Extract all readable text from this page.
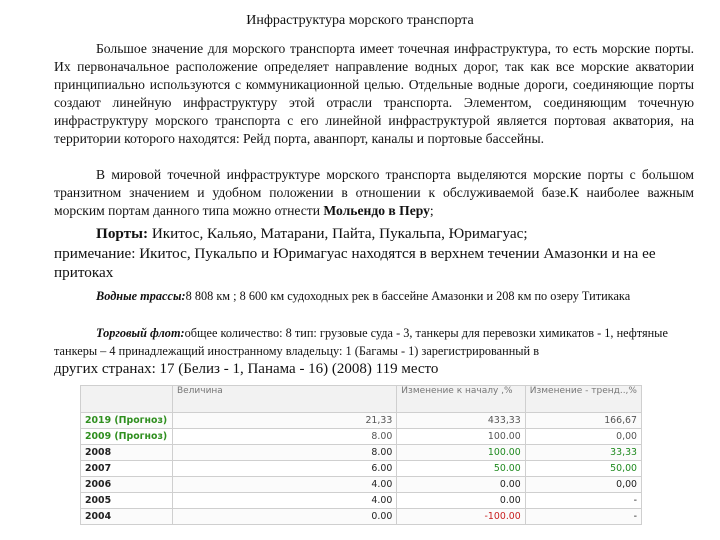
Инфраструктура морского транспорта
Большое значение для морского транспорта имеет точечная инфраструктура, то есть морские порты. Их первоначальное расположение определяет направление водных дорог, так как все морские акватории принципиально используются с коммуникационной целью. Отдельные водные дороги, соединяющие порты создают линейную инфраструктуру этой отрасли транспорта. Элементом, соединяющим точечную инфраструктуру морского транспорта с его линейной инфраструктурой является портовая акватория, на территории которого находятся: Рейд порта, аванпорт, каналы и портовые бассейны.
В мировой точечной инфраструктуре морского транспорта выделяются морские порты с большом транзитном значением и удобном положении в отношении к обслуживаемой базе.К наиболее важным морским портам данного типа можно отнести Мольендо в Перу;
Порты: Икитос, Кальяо, Матарани, Пайта, Пукальпа, Юримагуас;
примечание: Икитос, Пукальпо и Юримагуас находятся в верхнем течении Амазонки и на ее притоках
Водные трассы:8 808 км ; 8 600 км судоходных рек в бассейне Амазонки и 208 км по озеру Титикака
Торговый флот:общее количество: 8 тип: грузовые суда - 3, танкеры для перевозки химикатов - 1, нефтяные танкеры – 4 принадлежащий иностранному владельцу: 1 (Багамы - 1) зарегистрированный в
других странах: 17 (Белиз - 1, Панама - 16) (2008) 119 место
	Величина	Изменение к началу ,%	Изменение - тренд..,%
2019 (Прогноз)	21,33	433,33	166,67
2009 (Прогноз)	8.00	100.00	0,00
2008	8.00	100.00	33,33
2007	6.00	50.00	50,00
2006	4.00	0.00	0,00
2005	4.00	0.00	-
2004	0.00	-100.00	-
